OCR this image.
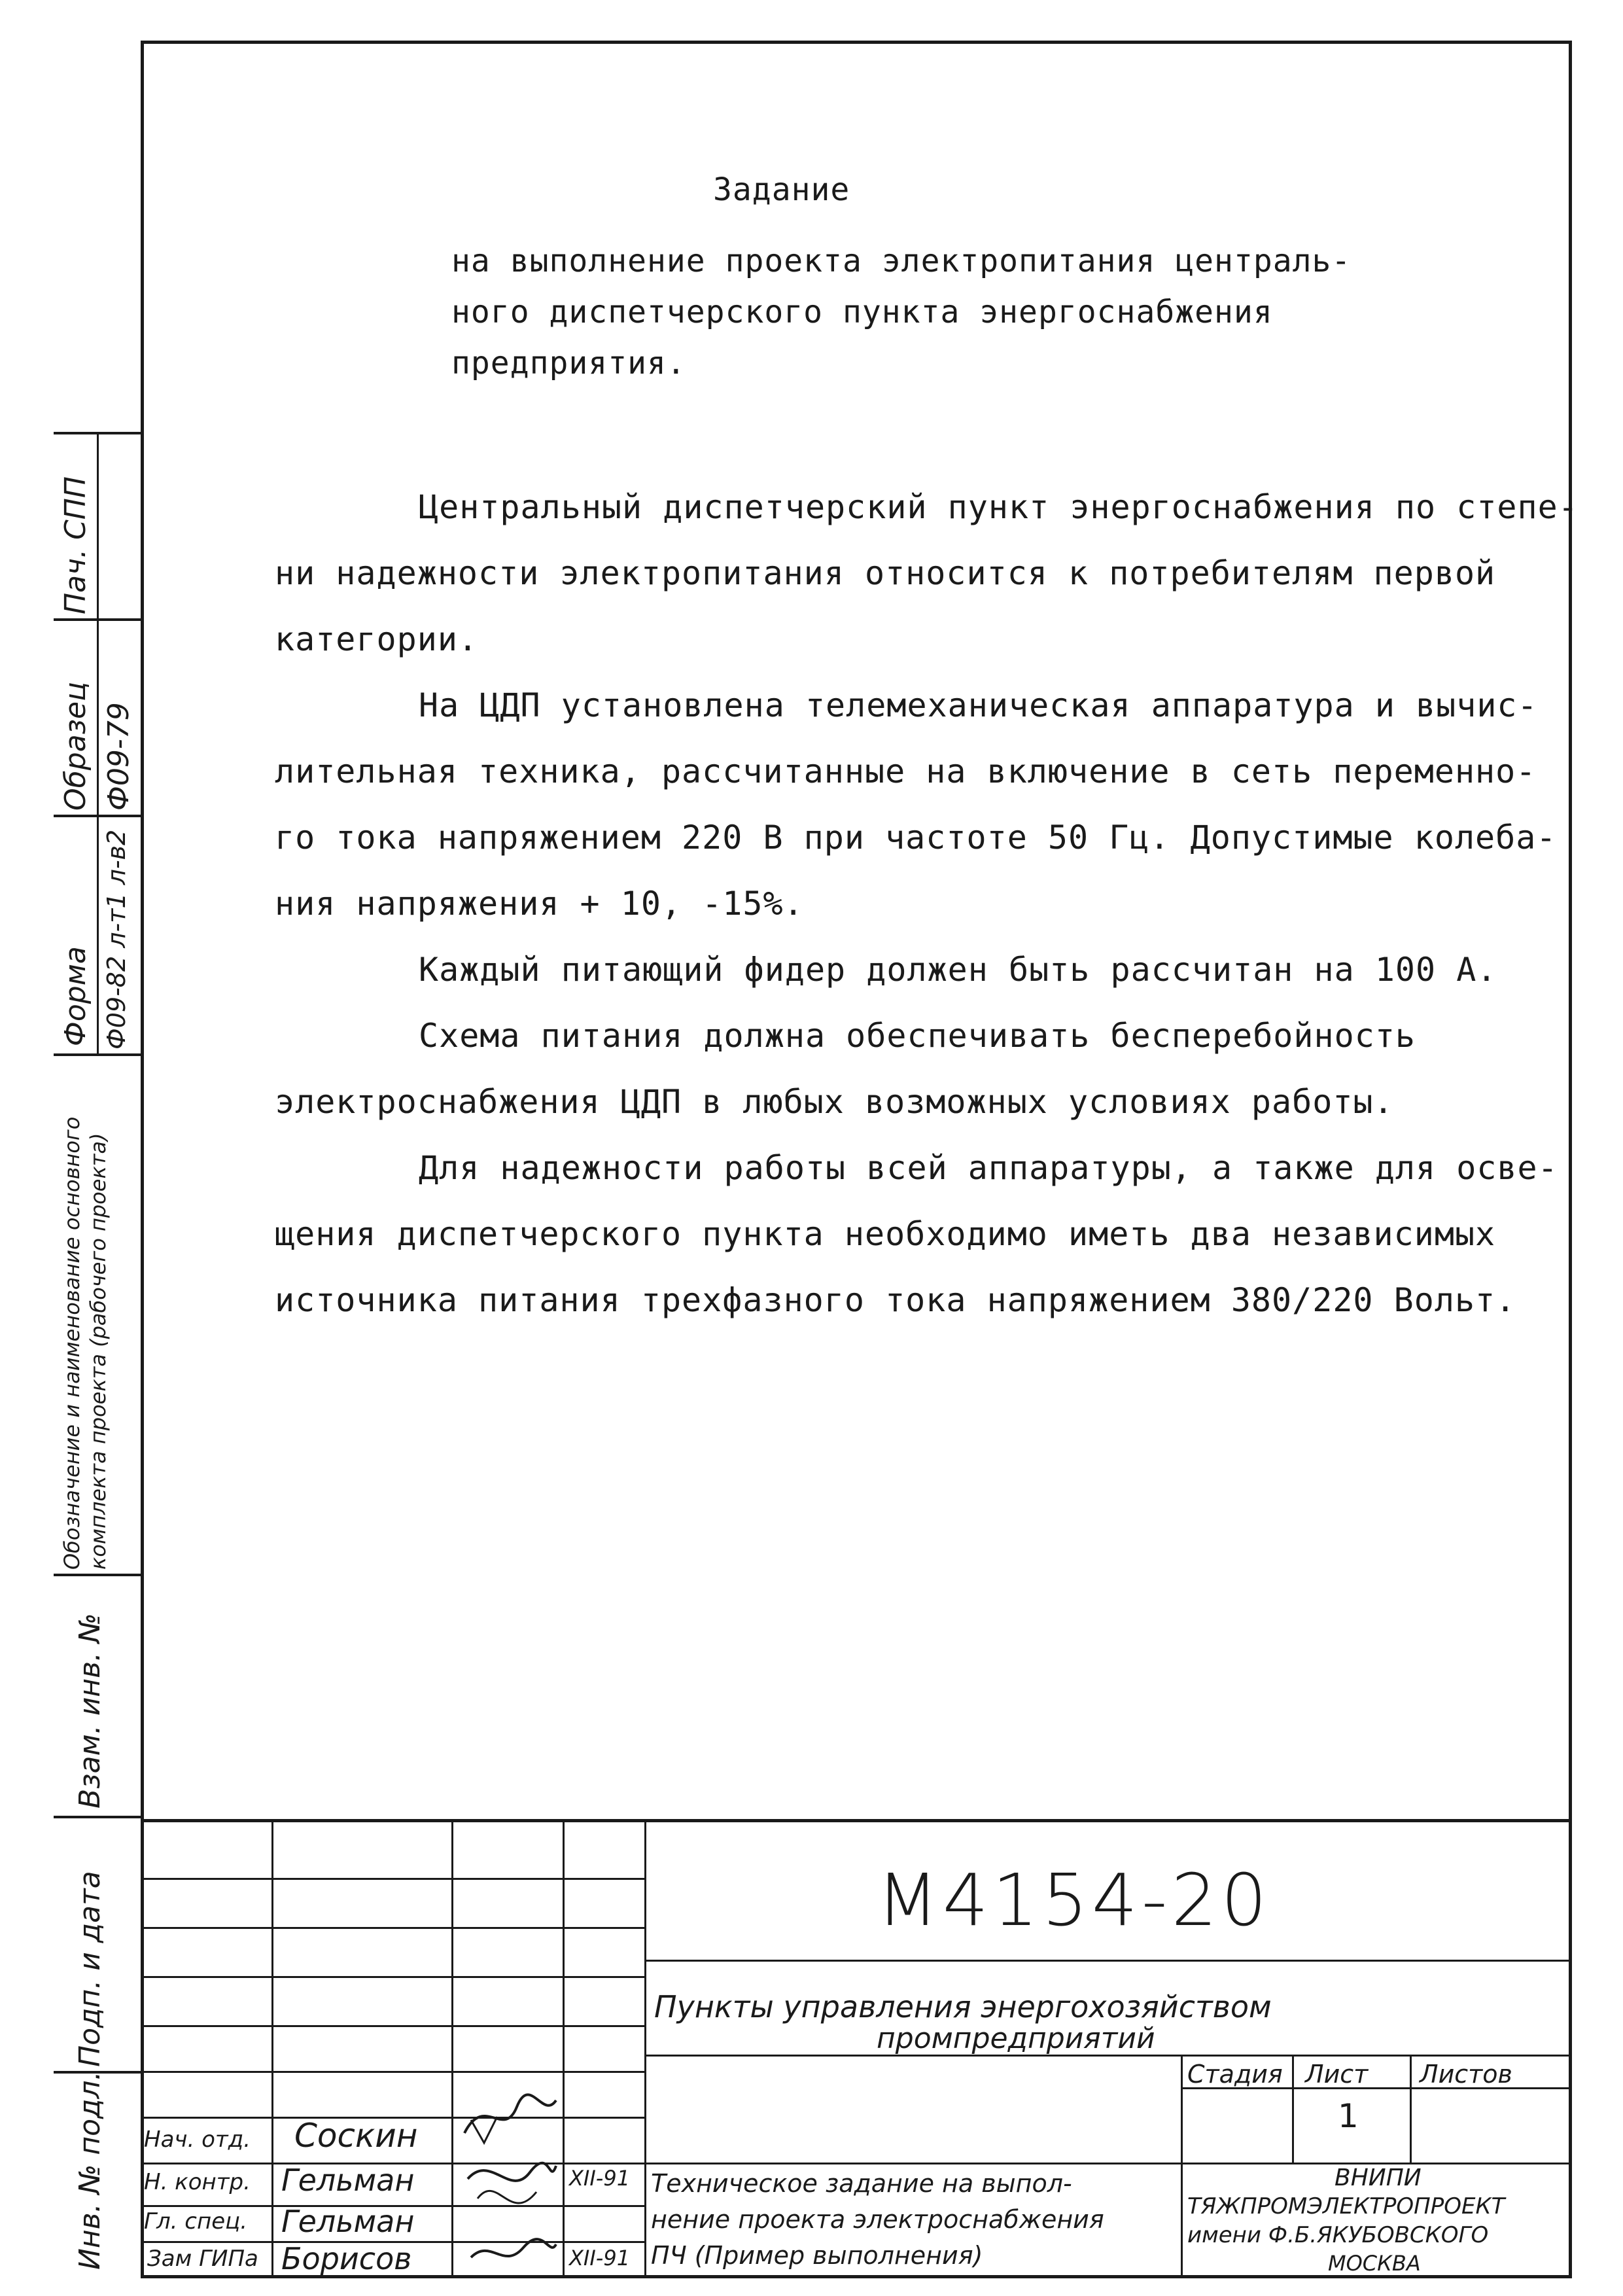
Задание
на выполнение проекта электропитания централь-
ного диспетчерского пункта энергоснабжения
предприятия.
Центральный диспетчерский пункт энергоснабжения по степе-
ни надежности электропитания относится к потребителям первой
категории.
На ЦДП установлена телемеханическая аппаратура и вычис-
лительная техника, рассчитанные на включение в сеть переменно-
го тока напряжением 220 В при частоте 50 Гц. Допустимые колеба-
ния напряжения + 10, -15%.
Каждый питающий фидер должен быть рассчитан на 100 А.
Схема питания должна обеспечивать бесперебойность
электроснабжения ЦДП в любых возможных условиях работы.
Для надежности работы всей аппаратуры, а также для осве-
щения диспетчерского пункта необходимо иметь два независимых
источника питания трехфазного тока напряжением 380/220 Вольт.
Пач. СПП
Образец Ф09-79
Форма Ф09-82 л-т1 л-в2
Обозначение и наименование основного комплекта проекта (рабочего проекта)
Взам. инв. №
Подп. и дата
Инв. № подл.
М4154-20
Пункты управления энергохозяйством
промпредприятий
Стадия Лист Листов
1
Техническое задание на выпол-
нение проекта электроснабжения
ПЧ (Пример выполнения)
ВНИПИ
ТЯЖПРОМЭЛЕКТРОПРОЕКТ
имени Ф.Б.ЯКУБОВСКОГО
МОСКВА
Нач. отд. Соскин
Н. контр. Гельман	XII-91
Гл. спец. Гельман
Зам ГИПа Борисов	XII-91
